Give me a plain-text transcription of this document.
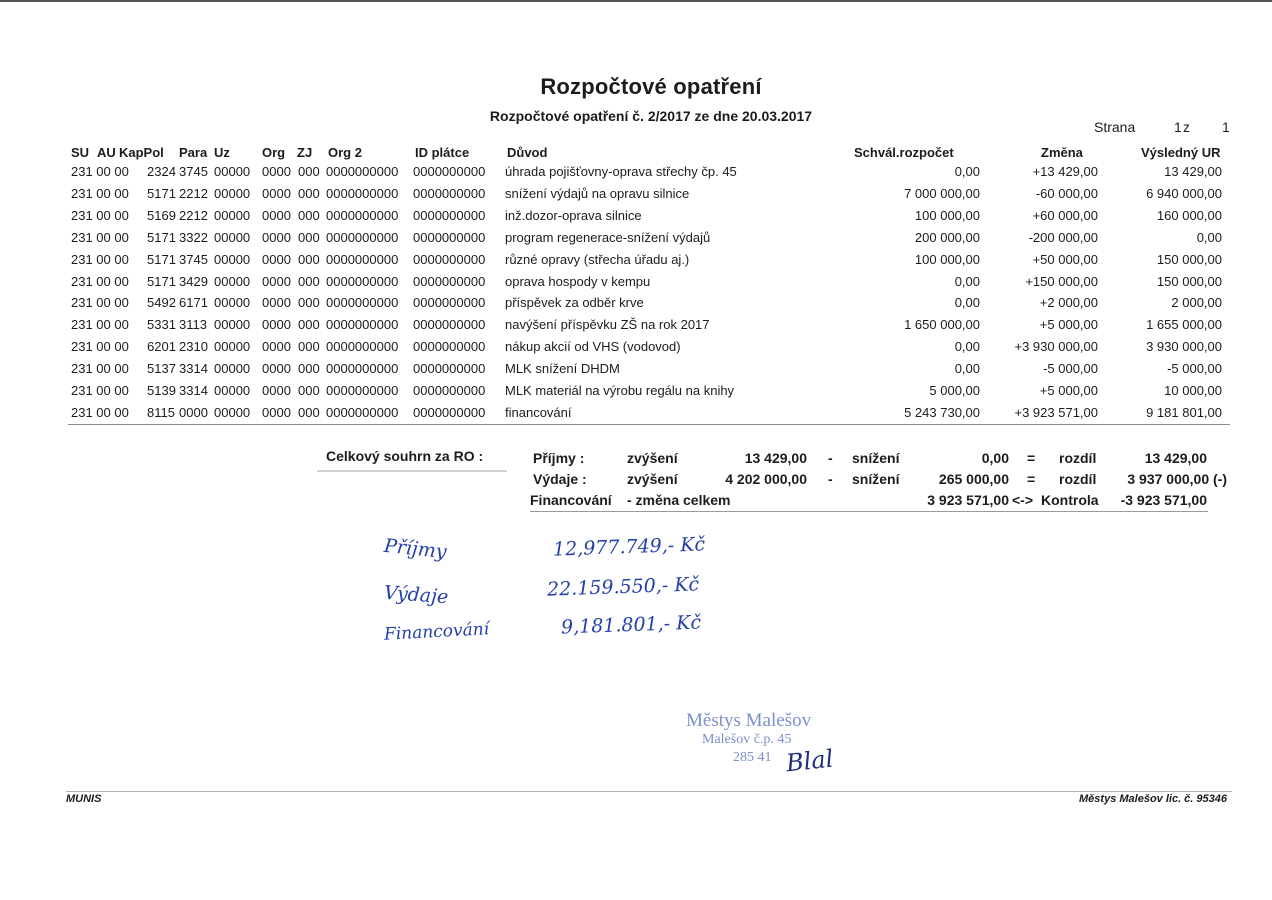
Rozpočtové opatření
Rozpočtové opatření č. 2/2017 ze dne 20.03.2017
Strana	1 z 1
SU AU KapPol Para Uz Org ZJ Org 2	ID plátce	Důvod	Schvál.rozpočet	Změna	Výsledný UR
231 00 00 2324 3745 00000 0000 000 0000000000 0000000000 úhrada pojišťovny-oprava střechy čp. 45	0,00	+13 429,00	13 429,00
231 00 00 5171 2212 00000 0000 000 0000000000 0000000000 snížení výdajů na opravu silnice	7 000 000,00	-60 000,00	6 940 000,00
231 00 00 5169 2212 00000 0000 000 0000000000 0000000000 inž.dozor-oprava silnice	100 000,00	+60 000,00	160 000,00
231 00 00 5171 3322 00000 0000 000 0000000000 0000000000 program regenerace-snížení výdajů	200 000,00	-200 000,00	0,00
231 00 00 5171 3745 00000 0000 000 0000000000 0000000000 různé opravy (střecha úřadu aj.)	100 000,00	+50 000,00	150 000,00
231 00 00 5171 3429 00000 0000 000 0000000000 0000000000 oprava hospody v kempu	0,00	+150 000,00	150 000,00
231 00 00 5492 6171 00000 0000 000 0000000000 0000000000 příspěvek za odběr krve	0,00	+2 000,00	2 000,00
231 00 00 5331 3113 00000 0000 000 0000000000 0000000000 navýšení příspěvku ZŠ na rok 2017	1 650 000,00	+5 000,00	1 655 000,00
231 00 00 6201 2310 00000 0000 000 0000000000 0000000000 nákup akcií od VHS (vodovod)	0,00	+3 930 000,00	3 930 000,00
231 00 00 5137 3314 00000 0000 000 0000000000 0000000000 MLK snížení DHDM	0,00	-5 000,00	-5 000,00
231 00 00 5139 3314 00000 0000 000 0000000000 0000000000 MLK materiál na výrobu regálu na knihy	5 000,00	+5 000,00	10 000,00
231 00 00 8115 0000 00000 0000 000 0000000000 0000000000 financování	5 243 730,00	+3 923 571,00	9 181 801,00
Celkový souhrn za RO :	Příjmy :	zvýšení	13 429,00 - snížení	0,00 = rozdíl	13 429,00
Výdaje :	zvýšení	4 202 000,00 - snížení	265 000,00 = rozdíl 3 937 000,00 (-)
Financování - změna celkem	3 923 571,00 <-> Kontrola -3 923 571,00
Příjmy	12,977.749,- Kč
Výdaje	22.159.550,- Kč
Financování	9,181.801,- Kč
Městys Malešov
Malešov č.p. 45
285 41 Blal
MUNIS	Městys Malešov lic. č. 95346
